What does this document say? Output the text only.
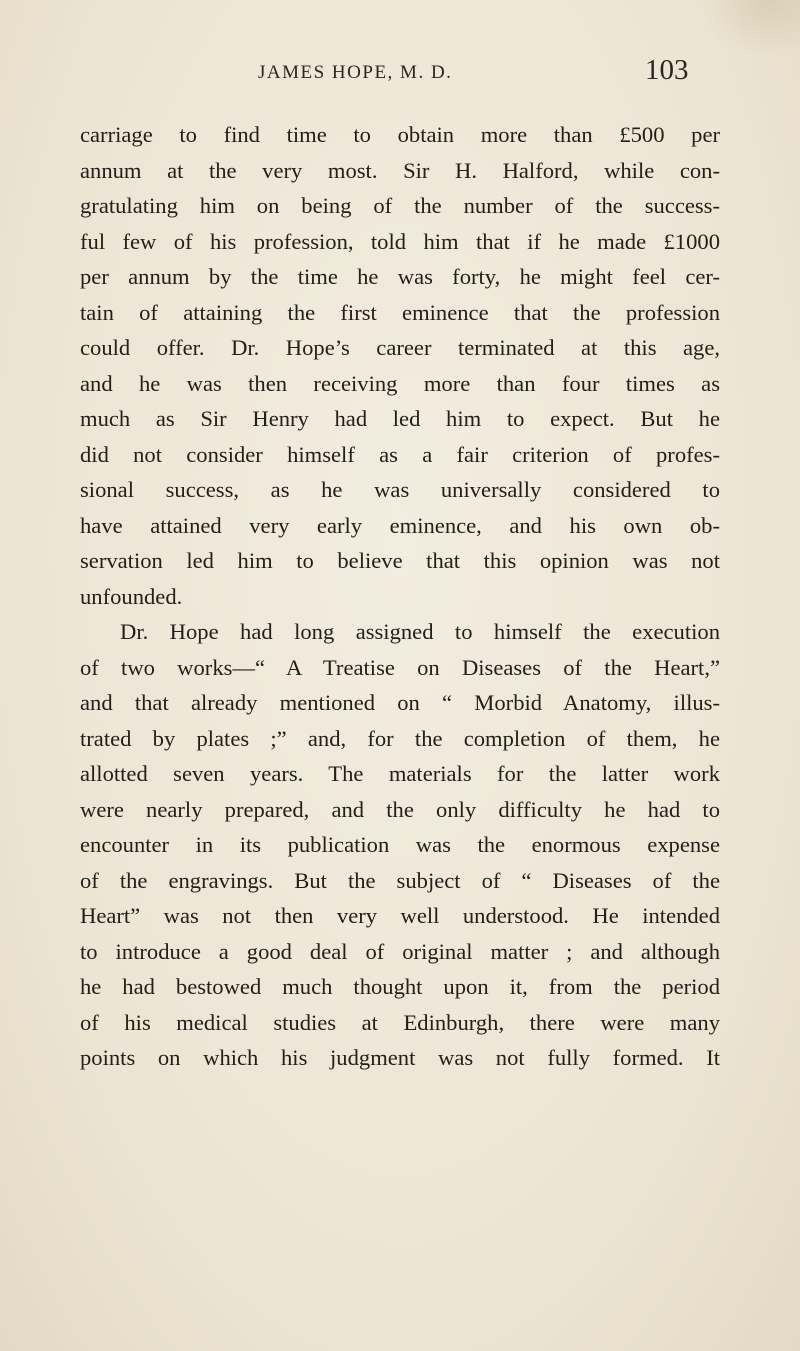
JAMES HOPE, M. D.	103
carriage to find time to obtain more than £500 per
annum at the very most. Sir H. Halford, while con-
gratulating him on being of the number of the success-
ful few of his profession, told him that if he made £1000
per annum by the time he was forty, he might feel cer-
tain of attaining the first eminence that the profession
could offer. Dr. Hope’s career terminated at this age,
and he was then receiving more than four times as
much as Sir Henry had led him to expect. But he
did not consider himself as a fair criterion of profes-
sional success, as he was universally considered to
have attained very early eminence, and his own ob-
servation led him to believe that this opinion was not
unfounded.
Dr. Hope had long assigned to himself the execution
of two works—“ A Treatise on Diseases of the Heart,”
and that already mentioned on “ Morbid Anatomy, illus-
trated by plates ;” and, for the completion of them, he
allotted seven years. The materials for the latter work
were nearly prepared, and the only difficulty he had to
encounter in its publication was the enormous expense
of the engravings. But the subject of “ Diseases of the
Heart” was not then very well understood. He intended
to introduce a good deal of original matter ; and although
he had bestowed much thought upon it, from the period
of his medical studies at Edinburgh, there were many
points on which his judgment was not fully formed. It
